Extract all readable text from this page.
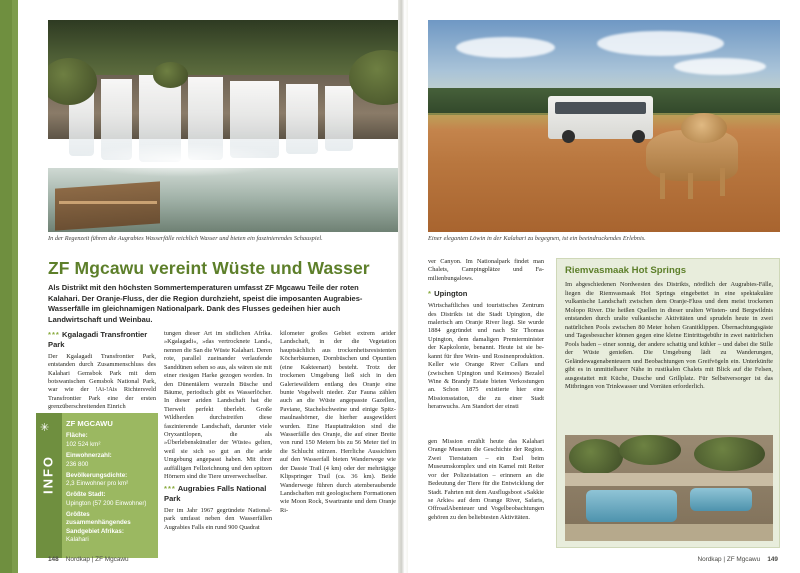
In der Regenzeit führen die Augrabies Wasserfälle reichlich Wasser und bieten ein faszinierendes Schauspiel.
ZF Mgcawu vereint Wüste und Wasser
Als Distrikt mit den höchsten Sommertemperaturen umfasst ZF Mgcawu Teile der roten Kalahari. Der Oranje-Fluss, der die Region durchzieht, speist die imposanten Augrabies-Wasserfälle im gleichnamigen Nationalpark. Dank des Flusses gedeihen hier auch Landwirtschaft und Weinbau.
*** Kgalagadi Transfrontier Park
Der Kgalagadi Transfrontier Park, entstanden durch Zusammenschluss des Kalahari Gemsbok Park mit dem botswanischen Gemsbok National Park, war wie der !Ai-!Ais Richtersveld Transfrontier Park eine der ersten grenzüberschreitenden Einrich
tungen dieser Art im südlichen Afrika. »Kgalagadi«, »das vertrocknete Land«, nennen die San die Wüste Kalahari. Deren rote, parallel zueinander verlaufende Sanddünen sehen so aus, als wären sie mit einer riesigen Harke gezogen worden. In den Dünentälern wurzeln Büsche und Bäume, periodisch gibt es Wasserlöcher. In dieser ariden Landschaft hat die Tierwelt perfekt überlebt. Große Wildherden durchstreifen diese faszinierende Landschaft, darunter viele Oryxantilopen, die als »Überlebenskünstler der Wüste« gelten, weil sie sich so gut an die aride Umgebung angepasst haben. Mit ihrer auffälligen Fellzeichnung und den spitzen Hörnern sind die Tiere unverwechselbar.
kilometer großes Gebiet extrem arider Landschaft, in der die Vegetation hauptsächlich aus trockenheitsresistenten Köcherbäumen, Dornbüschen und Opuntien (eine Kakteenart) besteht. Trotz der trockenen Umgebung ließ sich in den Galeriewäldern entlang des Oranje eine bunte Vogelwelt nieder. Zur Fauna zählen auch an die Wüste angepasste Gazellen, Paviane, Stachelschweine und einige Spitzmaulnashörner, die hierher ausgewildert wurden. Eine Hauptattraktion sind die Wasserfälle des Oranje, die auf einer Breite von rund 150 Metern bis zu 56 Meter tief in die Schlucht stürzen. Herrliche Aussichten auf den Wasserfall bieten Wanderwege wie der Dassie Trail (4 km) oder der mehrtägige Klipspringer Trail (ca. 36 km). Beide Wanderwege führen durch atemberaubende Landschaften mit geologischem Formationen wie Moon Rock, Swartrante und dem Oranje Ri-
*** Augrabies Falls National Park
Der im Jahr 1967 gegründete Nationalpark umfasst neben den Wasserfällen Augrabies Falls ein rund 900 Quadrat
INFO
✳ ZF MGCAWU
Fläche:
102 524 km²
Einwohnerzahl:
236 800
Bevölkerungsdichte:
2,3 Einwohner pro km²
Größte Stadt:
Upington (57 200 Einwohner)
Größtes zusammenhängendes Sandgebiet Afrikas:
Kalahari
148 Nordkap | ZF Mgcawu
Einer eleganten Löwin in der Kalahari zu begegnen, ist ein beeindruckendes Erlebnis.
ver Canyon. Im Nationalpark findet man Chalets, Campingplätze und Familienbungalows.
* Upington
Wirtschaftliches und touristisches Zentrum des Distrikts ist die Stadt Upington, die malerisch am Oranje River liegt. Sie wurde 1884 gegründet und nach Sir Thomas Upington, dem damaligen Premierminister der Kapkolonie, benannt. Heute ist sie bekannt für ihre Wein- und Rosinenproduktion. Keller wie Orange River Cellars und (zwischen Upington und Keimoes) Bezalel Wine & Brandy Estate bieten Verkostungen an. Schon 1875 existierte hier eine Missionsstation, die zu einer Stadt heranwuchs. Am Standort der einsti
gen Mission erzählt heute das Kalahari Orange Museum die Geschichte der Region. Zwei Tierstatuen – ein Esel beim Museumskomplex und ein Kamel mit Reiter vor der Polizeistation – erinnern an die Bedeutung der Tiere für die Entwicklung der Stadt. Fahrten mit dem Ausflugsboot »Sakkie se Arkie« auf dem Orange River, Safaris, OffroadAbenteuer und Vogelbeobachtungen gehören zu den beliebtesten Aktivitäten.
Riemvasmaak Hot Springs
Im abgeschiedenen Nordwesten des Distrikts, nördlich der Augrabies-Fälle, liegen die Riemvasmaak Hot Springs eingebettet in eine spektakuläre vulkanische Landschaft zwischen dem Oranje-Fluss und dem meist trockenen Molopo River. Die heißen Quellen in dieser uralten Wüsten- und Bergwildnis entstanden durch uralte vulkanische Aktivitäten und sprudeln heute in zwei natürlichen Pools zwischen 80 Meter hohen Granitklippen. Übernachtungsgäste und Tagesbesucher können gegen eine kleine Eintrittsgebühr in zwei natürlichen Pools baden – einer sonnig, der andere schattig und kühler – und dabei die Stille der Wüste genießen. Die Umgebung lädt zu Wanderungen, Geländewagenabenteuern und Beobachtungen von Greifvögeln ein. Unterkünfte gibt es in unmittelbarer Nähe in rustikalen Chalets mit Blick auf die Felsen, ausgestattet mit Küche, Dusche und Grillplatz. Für Selbstversorger ist das Mitbringen von Trinkwasser und Vorräten erforderlich.
Nordkap | ZF Mgcawu 149
